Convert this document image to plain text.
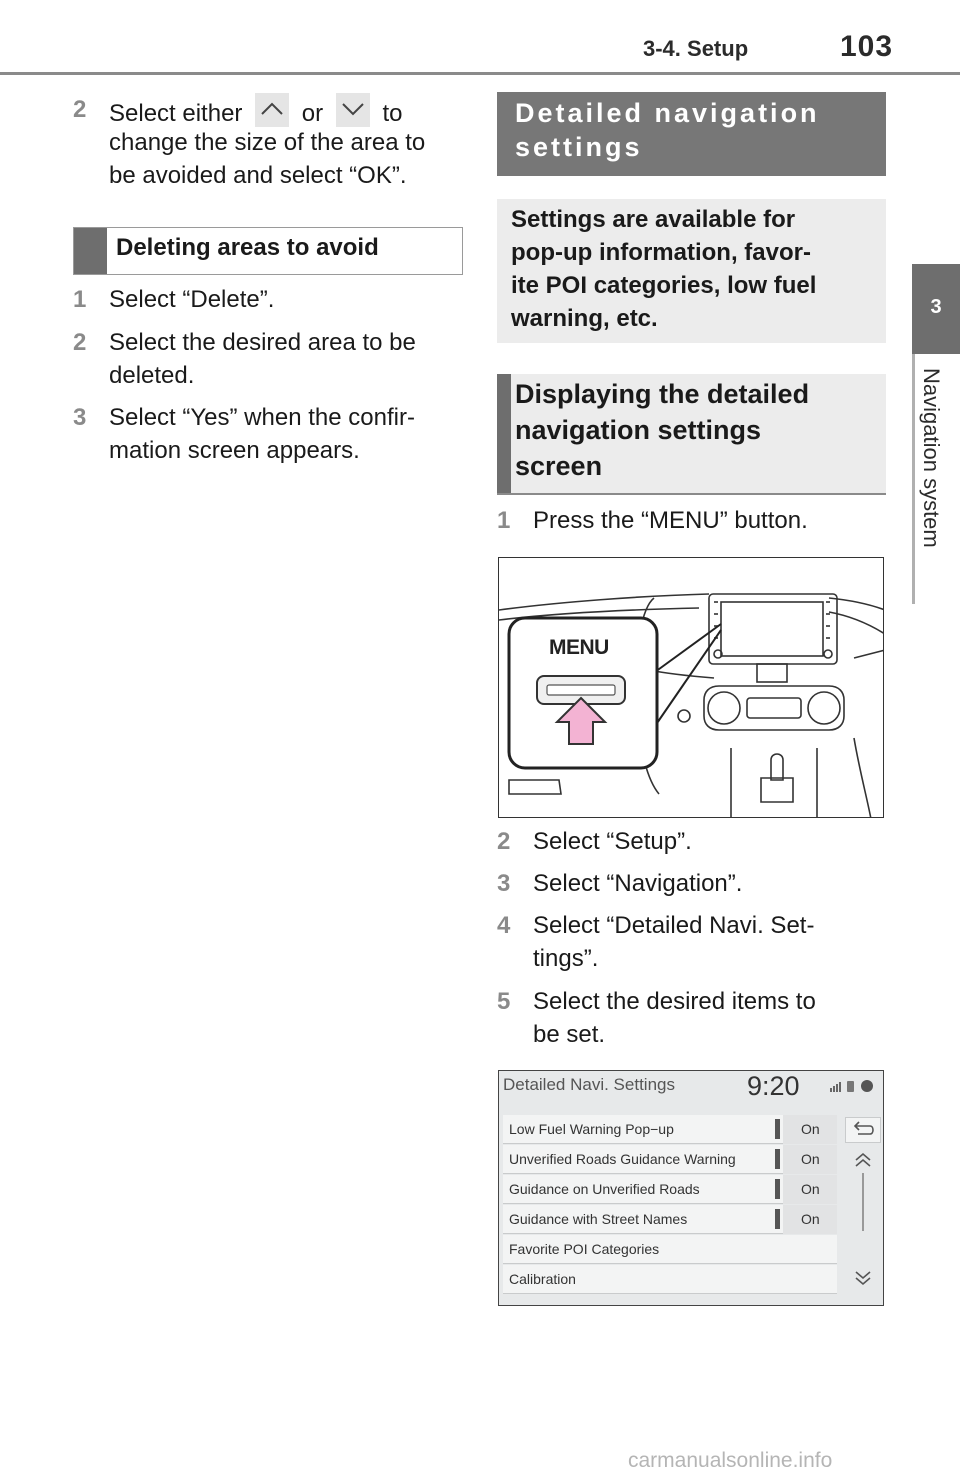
3-4. Setup	103
3
Navigation system
2 Select either or to
change the size of the area to
be avoided and select “OK”.
Deleting areas to avoid
1 Select “Delete”.
2 Select the desired area to be
deleted.
3 Select “Yes” when the confir-
mation screen appears.
Detailed navigation
settings
Settings are available for
pop-up information, favor-
ite POI categories, low fuel
warning, etc.
Displaying the detailed
navigation settings
screen
1 Press the “MENU” button.
MENU
2 Select “Setup”.
3 Select “Navigation”.
4 Select “Detailed Navi. Set-
tings”.
5 Select the desired items to
be set.
Detailed Navi. Settings	9:20
Low Fuel Warning Pop−up	On
Unverified Roads Guidance Warning	On
Guidance on Unverified Roads	On
Guidance with Street Names	On
Favorite POI Categories
Calibration
carmanualsonline.info
